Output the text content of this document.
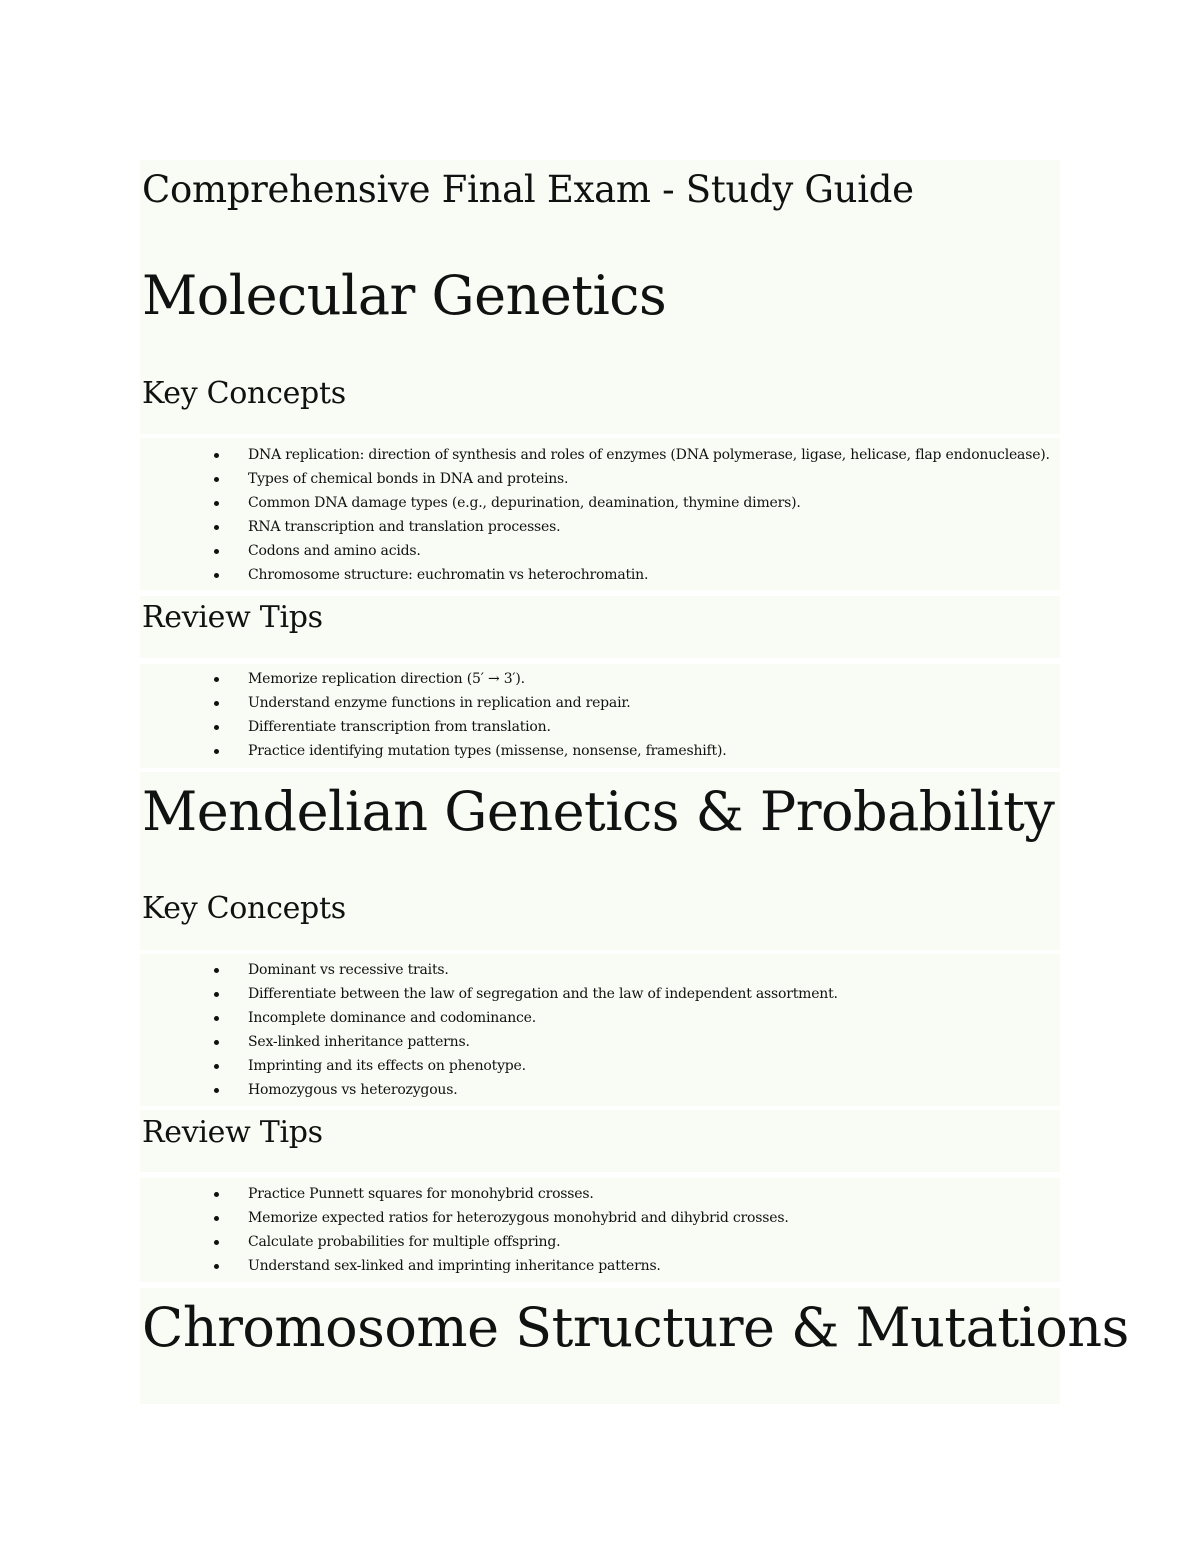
Comprehensive Final Exam - Study Guide
Molecular Genetics
Key Concepts
DNA replication: direction of synthesis and roles of enzymes (DNA polymerase, ligase, helicase, flap endonuclease).
Types of chemical bonds in DNA and proteins.
Common DNA damage types (e.g., depurination, deamination, thymine dimers).
RNA transcription and translation processes.
Codons and amino acids.
Chromosome structure: euchromatin vs heterochromatin.
Review Tips
Memorize replication direction (5′ → 3′).
Understand enzyme functions in replication and repair.
Differentiate transcription from translation.
Practice identifying mutation types (missense, nonsense, frameshift).
Mendelian Genetics & Probability
Key Concepts
Dominant vs recessive traits.
Differentiate between the law of segregation and the law of independent assortment.
Incomplete dominance and codominance.
Sex-linked inheritance patterns.
Imprinting and its effects on phenotype.
Homozygous vs heterozygous.
Review Tips
Practice Punnett squares for monohybrid crosses.
Memorize expected ratios for heterozygous monohybrid and dihybrid crosses.
Calculate probabilities for multiple offspring.
Understand sex-linked and imprinting inheritance patterns.
Chromosome Structure & Mutations
